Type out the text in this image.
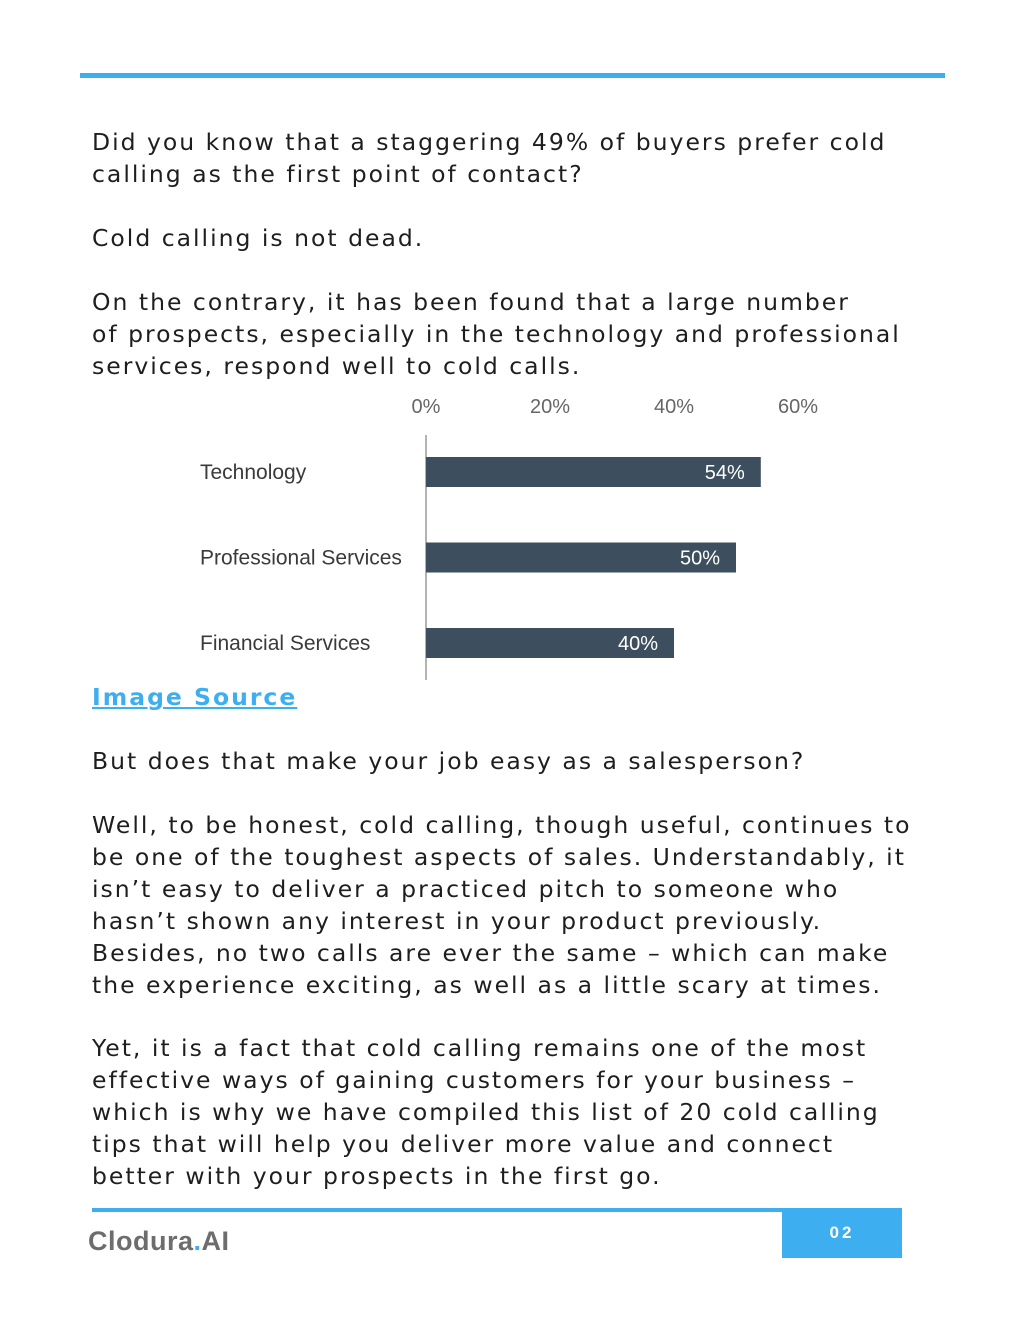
Did you know that a staggering 49% of buyers prefer cold
calling as the first point of contact?

Cold calling is not dead.

On the contrary, it has been found that a large number
of prospects, especially in the technology and professional
services, respond well to cold calls.

0%	20%	40%	60%
Technology	54%
Professional Services	50%
Financial Services	40%
Image Source

But does that make your job easy as a salesperson?

Well, to be honest, cold calling, though useful, continues to
be one of the toughest aspects of sales. Understandably, it
isn’t easy to deliver a practiced pitch to someone who
hasn’t shown any interest in your product previously.
Besides, no two calls are ever the same – which can make
the experience exciting, as well as a little scary at times.

Yet, it is a fact that cold calling remains one of the most
effective ways of gaining customers for your business –
which is why we have compiled this list of 20 cold calling
tips that will help you deliver more value and connect
better with your prospects in the first go.

Clodura.AI	02
